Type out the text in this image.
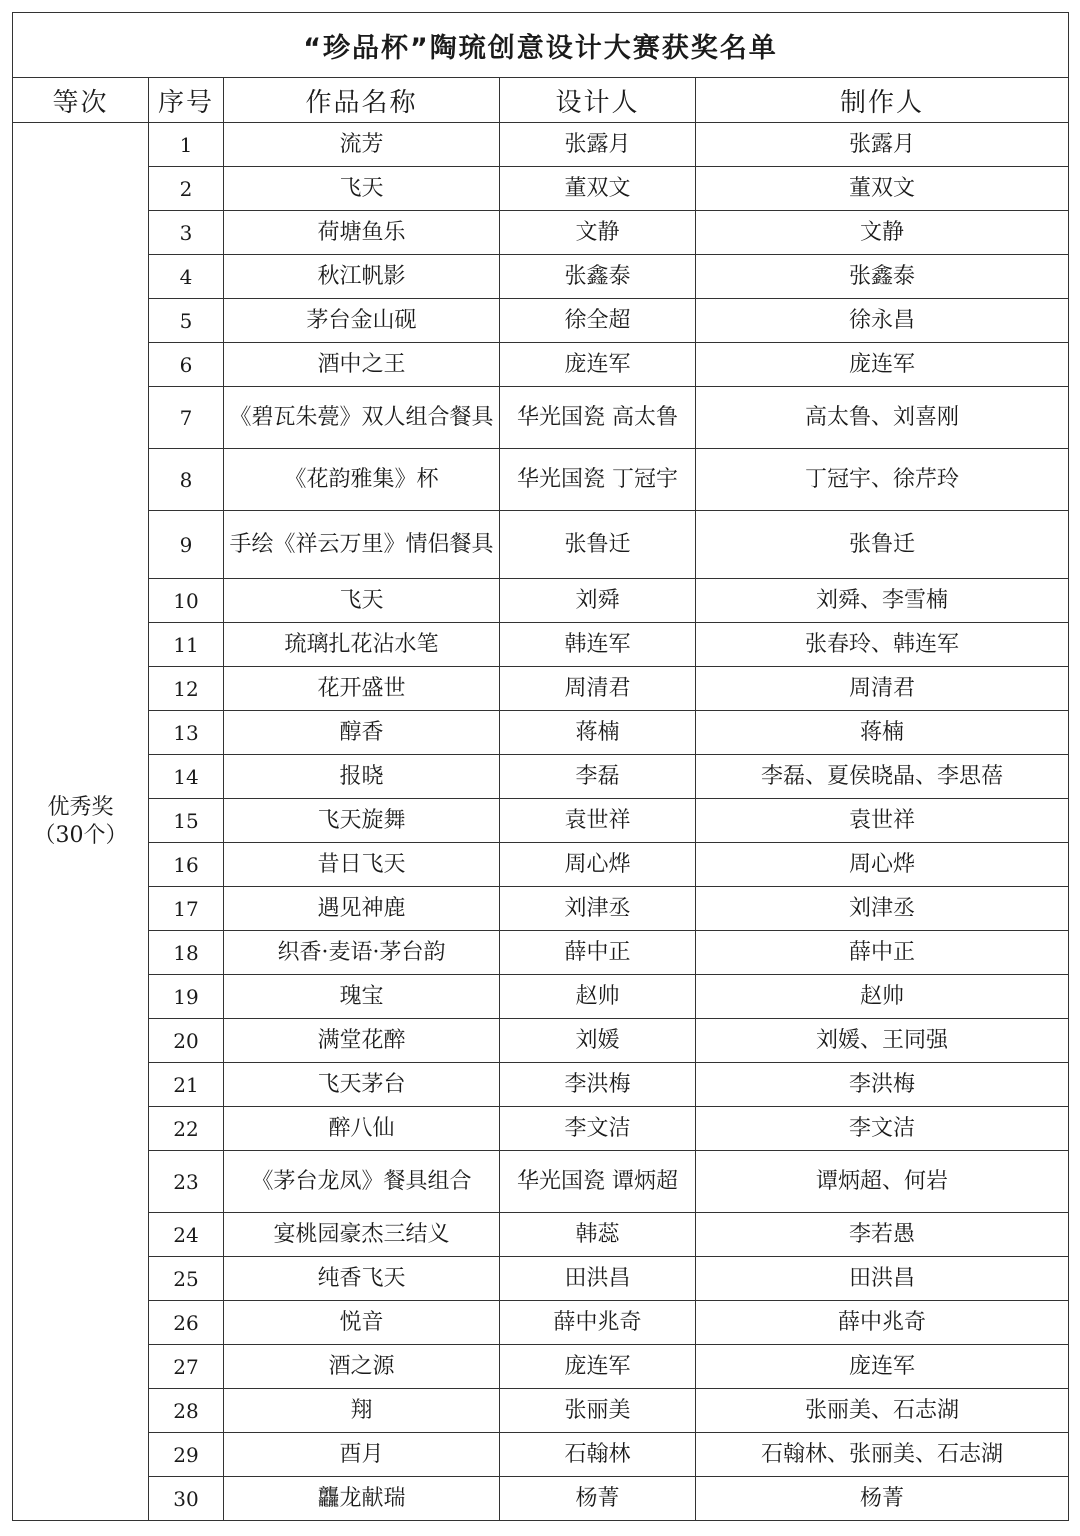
“珍品杯”陶琉创意设计大赛获奖名单				
等次	序号	作品名称	设计人	制作人

优秀奖
（30个）	1	流芳	张露月	张露月
	2	飞天	董双文	董双文
	3	荷塘鱼乐	文静	文静
	4	秋江帆影	张鑫泰	张鑫泰
	5	茅台金山砚	徐全超	徐永昌
	6	酒中之王	庞连军	庞连军
	7	《碧瓦朱甍》双人组合餐具	华光国瓷 高太鲁	高太鲁、刘喜刚
	8	《花韵雅集》杯	华光国瓷 丁冠宇	丁冠宇、徐芹玲
	9	手绘《祥云万里》情侣餐具	张鲁迁	张鲁迁
	10	飞天	刘舜	刘舜、李雪楠
	11	琉璃扎花沾水笔	韩连军	张春玲、韩连军
	12	花开盛世	周清君	周清君
	13	醇香	蒋楠	蒋楠
	14	报晓	李磊	李磊、夏侯晓晶、李思蓓
	15	飞天旋舞	袁世祥	袁世祥
	16	昔日飞天	周心烨	周心烨
	17	遇见神鹿	刘津丞	刘津丞
	18	织香·麦语·茅台韵	薛中正	薛中正
	19	瑰宝	赵帅	赵帅
	20	满堂花醉	刘媛	刘媛、王同强
	21	飞天茅台	李洪梅	李洪梅
	22	醉八仙	李文洁	李文洁
	23	《茅台龙凤》餐具组合	华光国瓷 谭炳超	谭炳超、何岩
	24	宴桃园豪杰三结义	韩蕊	李若愚
	25	纯香飞天	田洪昌	田洪昌
	26	悦音	薛中兆奇	薛中兆奇
	27	酒之源	庞连军	庞连军
	28	翔	张丽美	张丽美、石志湖
	29	酉月	石翰林	石翰林、张丽美、石志湖
	30	龘龙献瑞	杨菁	杨菁
